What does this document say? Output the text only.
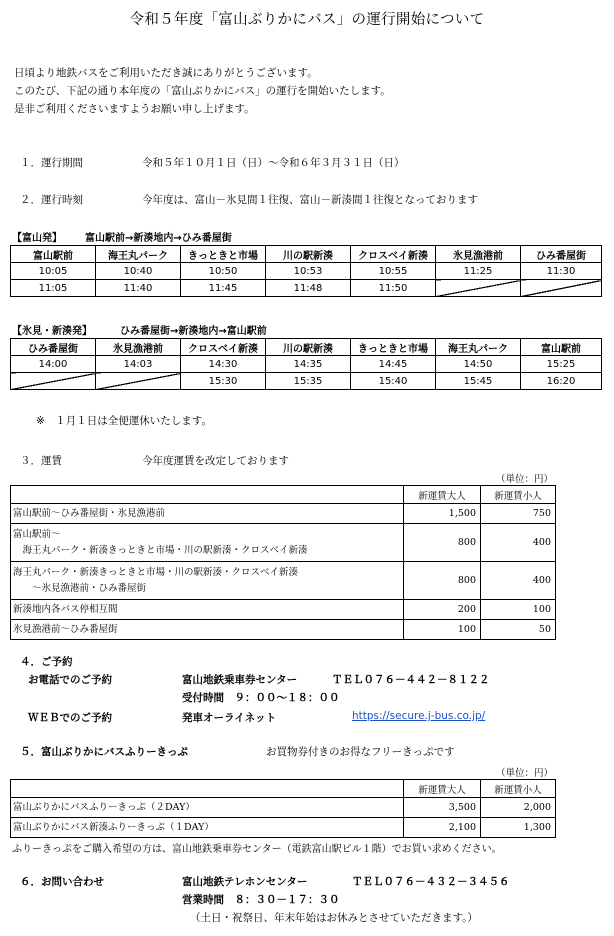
令和５年度「富山ぶりかにバス」の運行開始について
日頃より地鉄バスをご利用いただき誠にありがとうございます。
このたび、下記の通り本年度の「富山ぶりかにバス」の運行を開始いたします。
是非ご利用くださいますようお願い申し上げます。
１．運行期間	令和５年１０月１日（日）～令和６年３月３１日（日）
２．運行時刻	今年度は、富山－氷見間１往復、富山－新湊間１往復となっております
【富山発】 富山駅前→新湊地内→ひみ番屋街
富山駅前	海王丸パーク	きっときと市場	川の駅新湊	クロスベイ新湊	氷見漁港前	ひみ番屋街
10:05	10:40	10:50	10:53	10:55	11:25	11:30
11:05	11:40	11:45	11:48	11:50		
【氷見・新湊発】	ひみ番屋街→新湊地内→富山駅前
ひみ番屋街	氷見漁港前	クロスベイ新湊	川の駅新湊	きっときと市場	海王丸パーク	富山駅前
14:00	14:03	14:30	14:35	14:45	14:50	15:25
		15:30	15:35	15:40	15:45	16:20
※　１月１日は全便運休いたします。
３．運賃	今年度運賃を改定しております
（単位：円）
	新運賃大人	新運賃小人

富山駅前～ひみ番屋街・氷見漁港前	1,500	750

富山駅前～
　海王丸パーク・新湊きっときと市場・川の駅新湊・クロスベイ新湊	800	400

海王丸パーク・新湊きっときと市場・川の駅新湊・クロスベイ新湊
　　～氷見漁港前・ひみ番屋街	800	400

新湊地内各バス停相互間	200	100

氷見漁港前～ひみ番屋街	100	50
４．ご予約
お電話でのご予約	富山地鉄乗車券センター	ＴＥＬ０７６－４４２－８１２２
受付時間　９：００～１８：００
ＷＥＢでのご予約	発車オーライネット	https://secure.j-bus.co.jp/
５．富山ぶりかにバスふりーきっぷ	お買物券付きのお得なフリーきっぷです
（単位：円）
	新運賃大人	新運賃小人
富山ぶりかにバスふりーきっぷ（２DAY）	3,500	2,000
富山ぶりかにバス新湊ふりーきっぷ（１DAY）	2,100	1,300
ふりーきっぷをご購入希望の方は、富山地鉄乗車券センター（電鉄富山駅ビル１階）でお買い求めください。
６．お問い合わせ	富山地鉄テレホンセンター	ＴＥＬ０７６－４３２－３４５６
営業時間　８：３０－１７：３０
（土日・祝祭日、年末年始はお休みとさせていただきます。）
